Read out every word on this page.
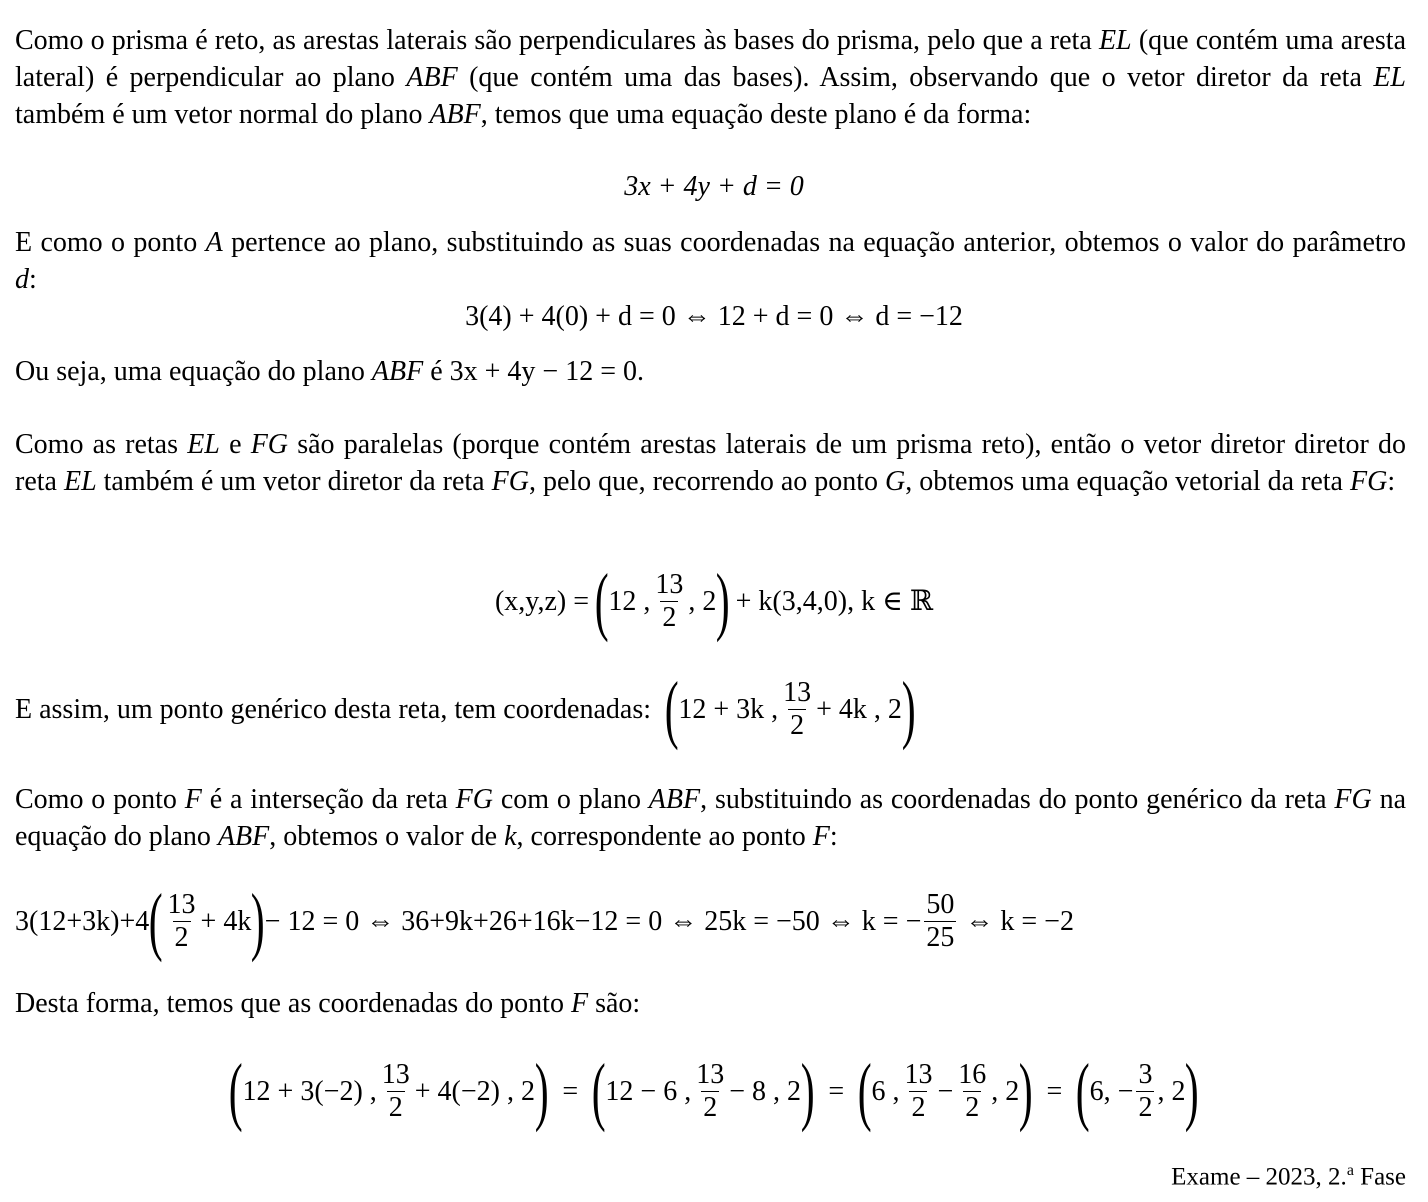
Como o prisma é reto, as arestas laterais são perpendiculares às bases do prisma, pelo que a reta EL (que contém uma aresta lateral) é perpendicular ao plano ABF (que contém uma das bases). Assim, observando que o vetor diretor da reta EL também é um vetor normal do plano ABF, temos que uma equação deste plano é da forma:

3x + 4y + d = 0

E como o ponto A pertence ao plano, substituindo as suas coordenadas na equação anterior, obtemos o valor do parâmetro d:

3(4) + 4(0) + d = 0 ⇔ 12 + d = 0 ⇔ d = −12

Ou seja, uma equação do plano ABF é 3x + 4y − 12 = 0.

Como as retas EL e FG são paralelas (porque contém arestas laterais de um prisma reto), então o vetor diretor diretor do reta EL também é um vetor diretor da reta FG, pelo que, recorrendo ao ponto G, obtemos uma equação vetorial da reta FG:

(x,y,z) = ( 12 , $\frac{13}{2}$ , 2 ) + k(3,4,0), k ∈ ℝ
E assim, um ponto genérico desta reta, tem coordenadas: ( 12 + 3k , $\frac{13}{2} + 4k$ , 2 )

Como o ponto F é a interseção da reta FG com o plano ABF, substituindo as coordenadas do ponto genérico da reta FG na equação do plano ABF, obtemos o valor de k, correspondente ao ponto F:

3(12+3k)+4 ( $\frac{13}{2} + 4k$ ) − 12 = 0 ⇔ 36+9k+26+16k−12 = 0 ⇔ 25k = −50 ⇔ k = − $\frac{50}{25}$ ⇔ k = −2

Desta forma, temos que as coordenadas do ponto F são:

( 12 + 3(−2) , $\frac{13}{2} + 4(-2)$ , 2 ) = ( 12 − 6 , $\frac{13}{2} - 8$ , 2 ) = ( 6 , $\frac{13}{2} - \frac{16}{2}$ , 2 ) = ( 6, − $\frac{3}{2}$ , 2 )
Exame – 2023, 2.$^a$ Fase
